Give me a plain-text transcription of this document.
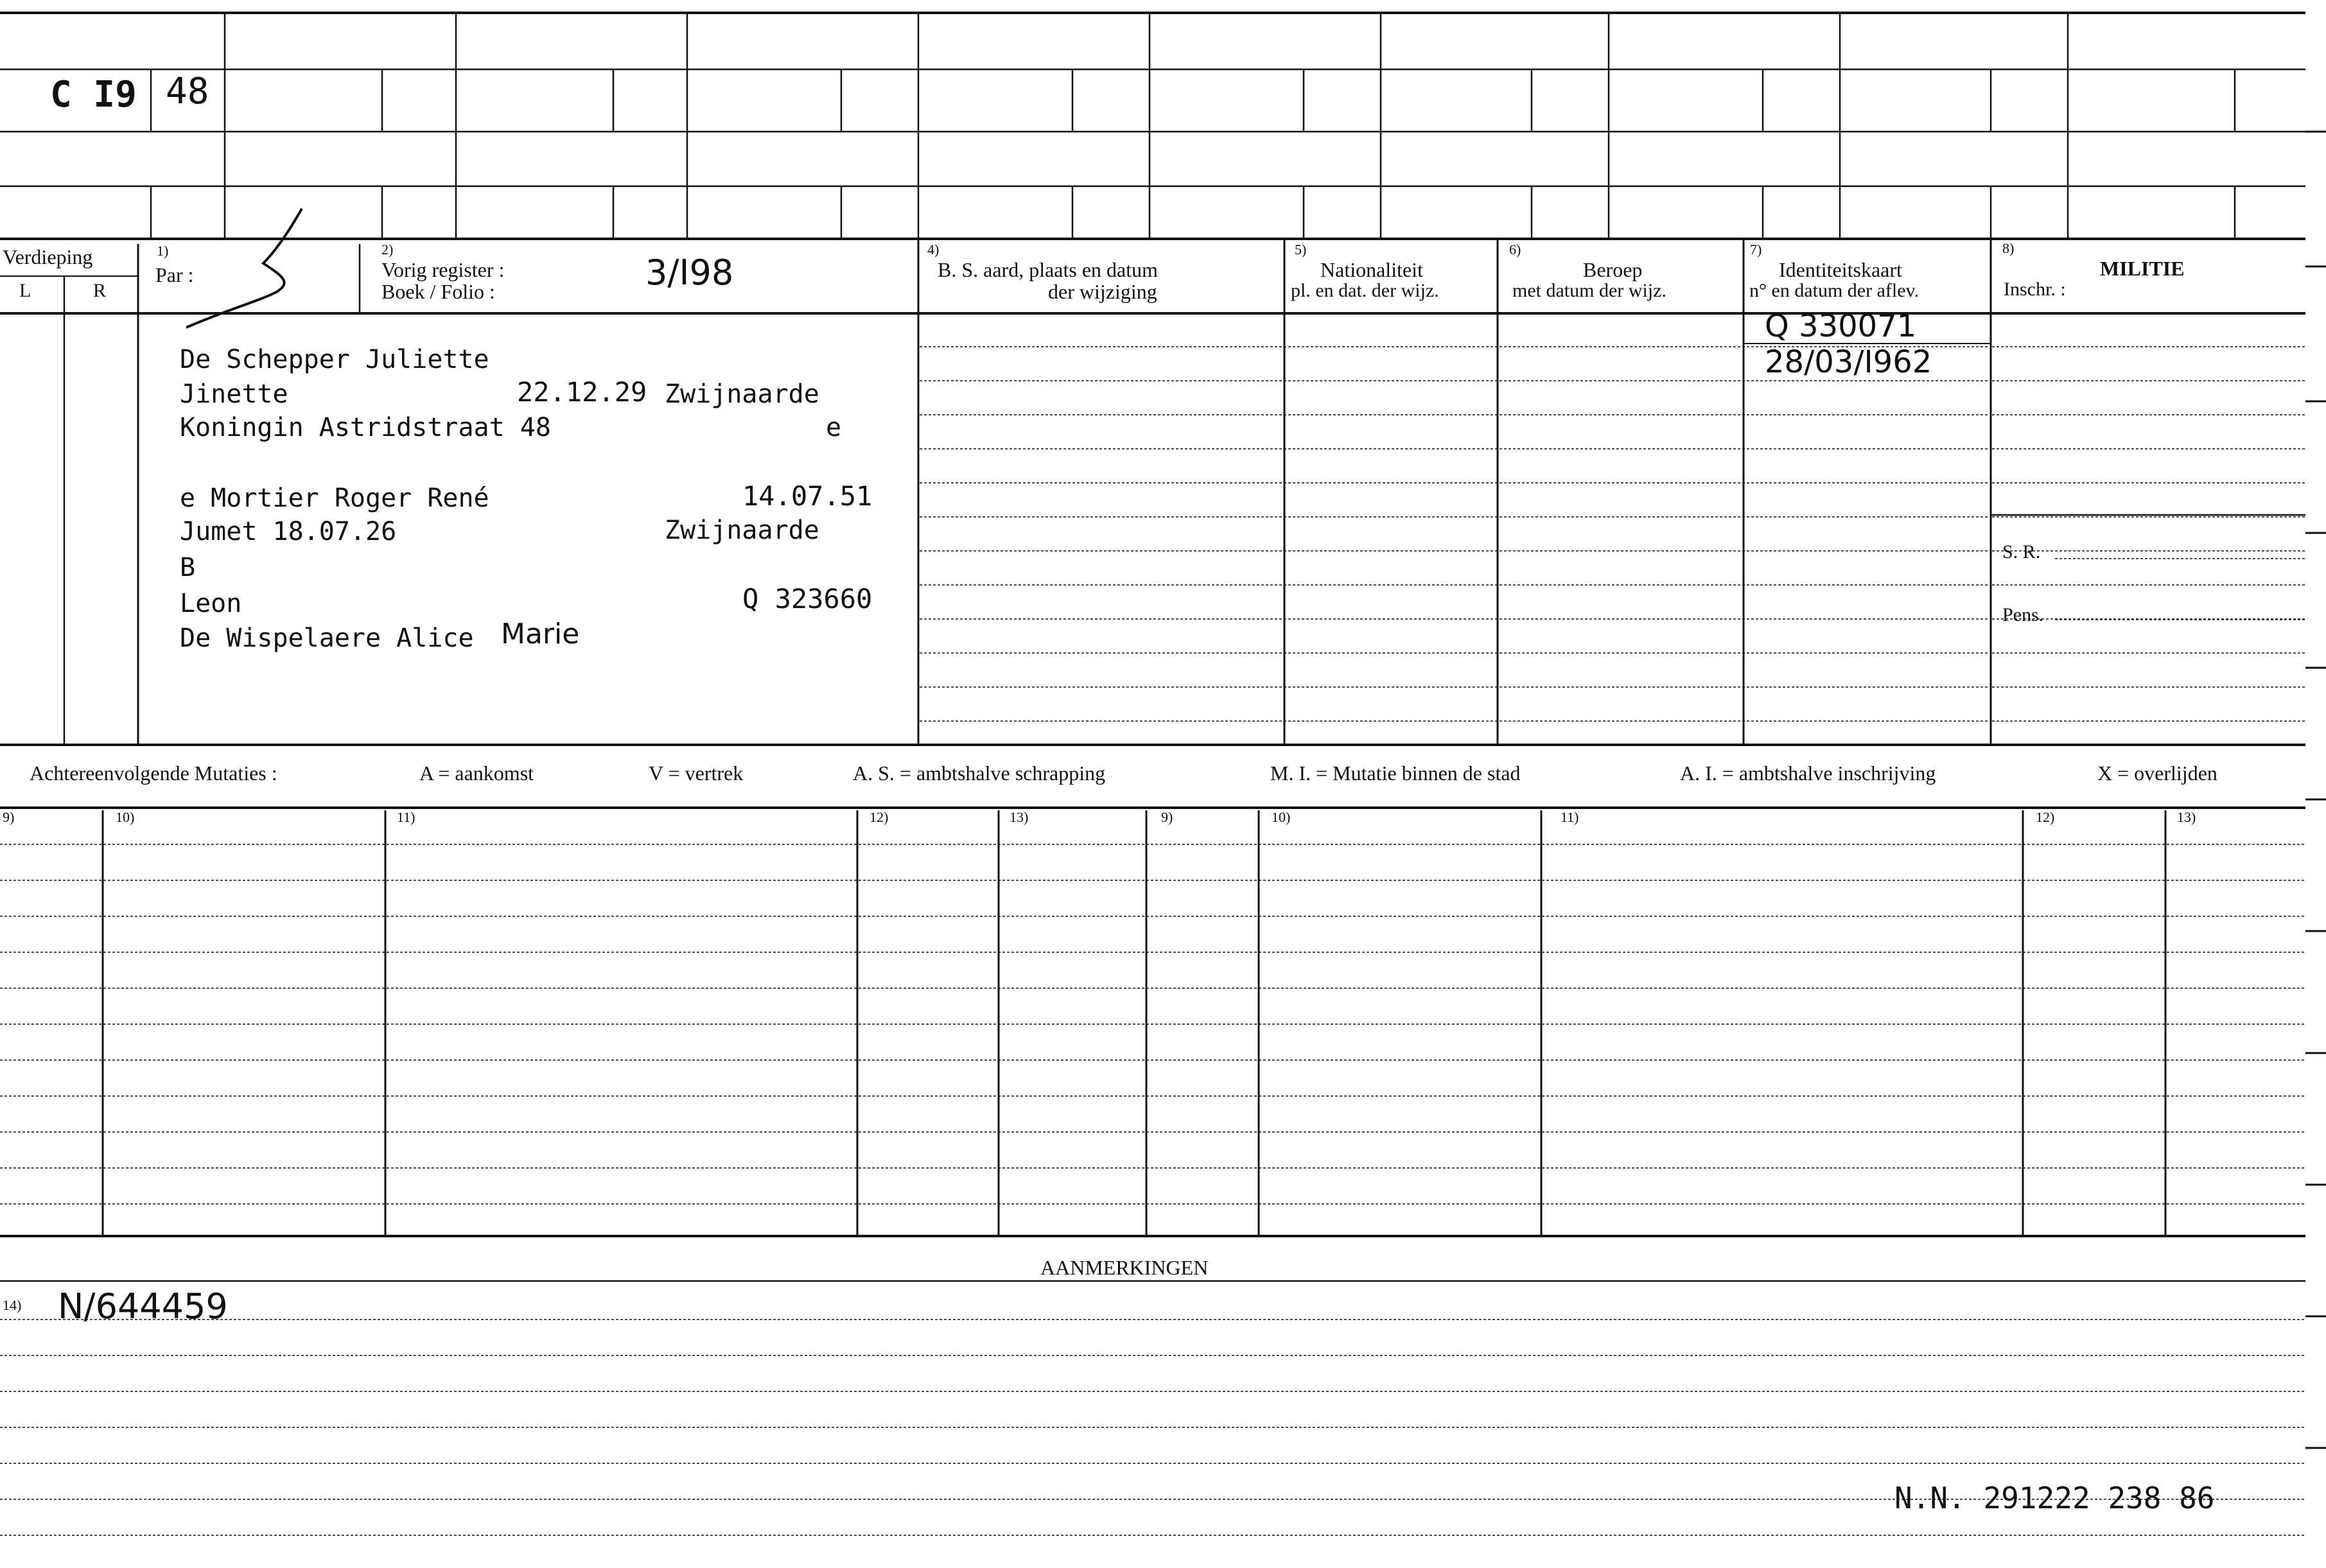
C I9 48
Verdieping
L	R
1)
Par :
2)
Vorig register :
Boek / Folio :	3/I98
4)
B. S. aard, plaats en datum
der wijziging
5)
Nationaliteit
pl. en dat. der wijz.
6)
Beroep
met datum der wijz.
7)
Identiteitskaart
n° en datum der aflev.
8)
MILITIE
Inschr. :
S. R.
Pens.
De Schepper Juliette
Jinette	22.12.29 Zwijnaarde
Koningin Astridstraat 48	e
e Mortier Roger René	14.07.51
Jumet 18.07.26	Zwijnaarde
B
Leon	Q 323660
De Wispelaere Alice Marie
Q 330071
28/03/I962
Achtereenvolgende Mutaties :	A = aankomst	V = vertrek	A. S. = ambtshalve schrapping	M. I. = Mutatie binnen de stad	A. I. = ambtshalve inschrijving	X = overlijden
9)	10)	11)	12)	13)	9)	10)	11)	12)	13)
AANMERKINGEN
14) N/644459
N.N. 291222 238 86
